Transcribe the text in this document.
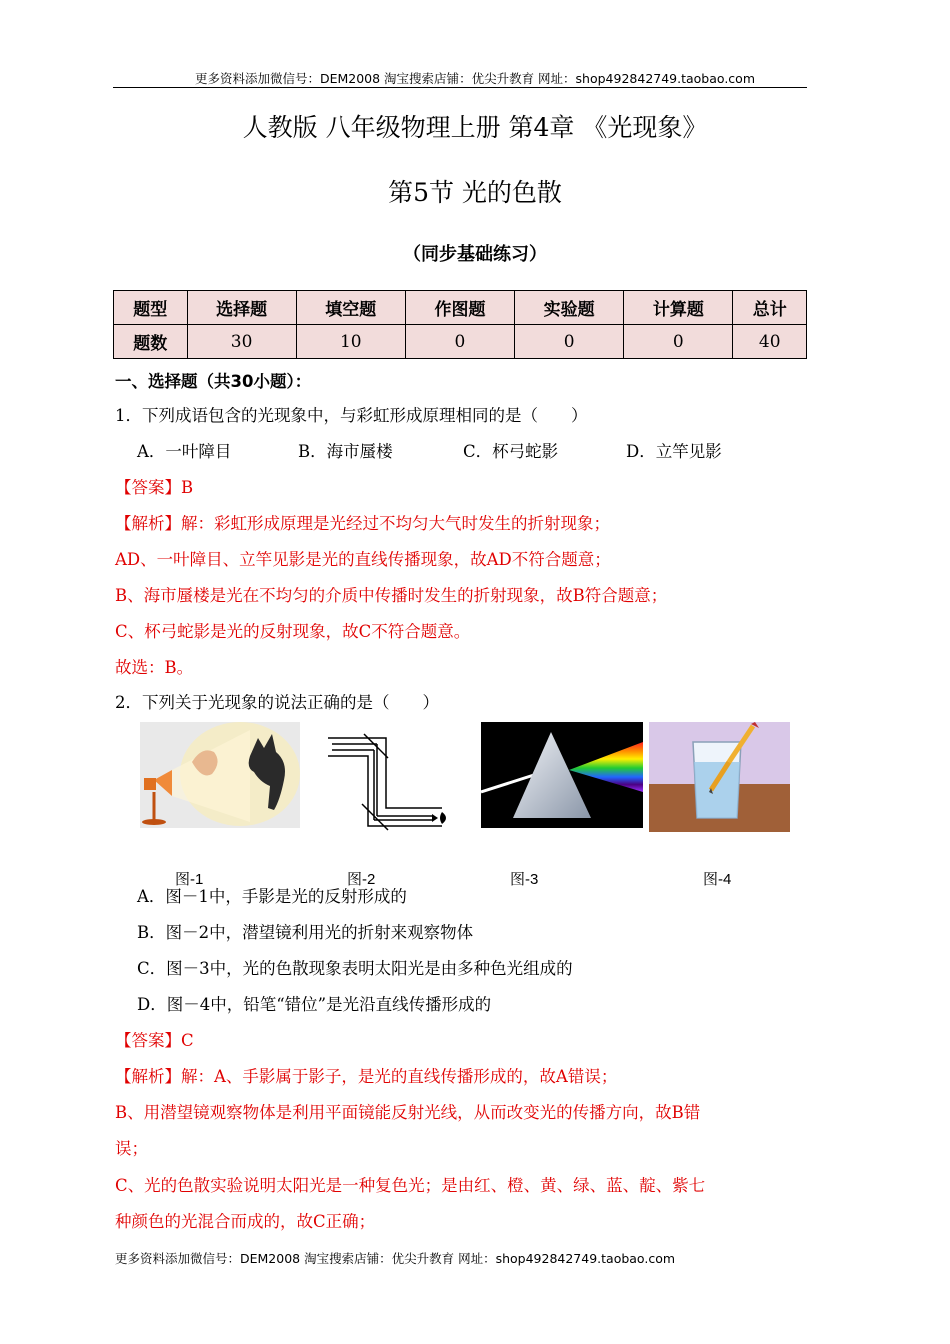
更多资料添加微信号：DEM2008 淘宝搜索店铺：优尖升教育 网址：shop492842749.taobao.com
人教版 八年级物理上册 第4章 《光现象》
第5节 光的色散
（同步基础练习）
题型	选择题	填空题	作图题	实验题	计算题	总计
题数	30	10	0	0	0	40
一、选择题（共30小题）：
1．下列成语包含的光现象中，与彩虹形成原理相同的是（　　）
A．一叶障目	B．海市蜃楼	C．杯弓蛇影	D．立竿见影
【答案】B
【解析】解：彩虹形成原理是光经过不均匀大气时发生的折射现象；
AD、一叶障目、立竿见影是光的直线传播现象，故AD不符合题意；
B、海市蜃楼是光在不均匀的介质中传播时发生的折射现象，故B符合题意；
C、杯弓蛇影是光的反射现象，故C不符合题意。
故选：B。
2．下列关于光现象的说法正确的是（　　）
图-1	图-2	图-3	图-4
A．图－1中，手影是光的反射形成的
B．图－2中，潜望镜利用光的折射来观察物体
C．图－3中，光的色散现象表明太阳光是由多种色光组成的
D．图－4中，铅笔“错位”是光沿直线传播形成的
【答案】C
【解析】解：A、手影属于影子，是光的直线传播形成的，故A错误；
B、用潜望镜观察物体是利用平面镜能反射光线，从而改变光的传播方向，故B错
误；
C、光的色散实验说明太阳光是一种复色光；是由红、橙、黄、绿、蓝、靛、紫七
种颜色的光混合而成的，故C正确；
更多资料添加微信号：DEM2008 淘宝搜索店铺：优尖升教育 网址：shop492842749.taobao.com
